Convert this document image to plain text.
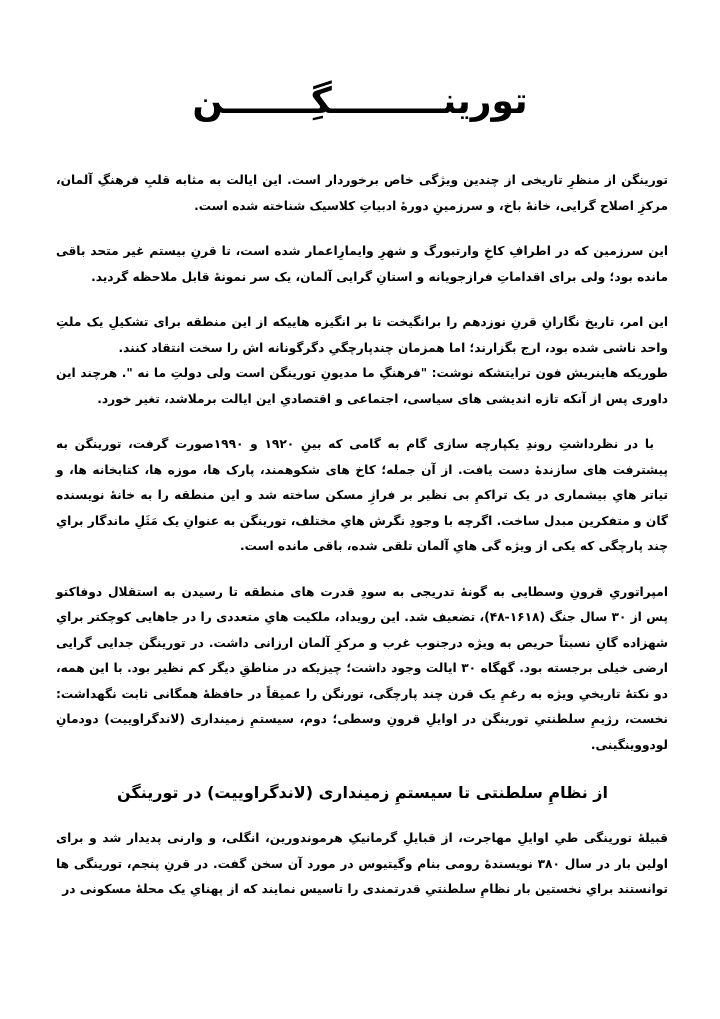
تورینـــــــــگِـــــــن

تورینگن از منظرِ تاریخی از چندین ویژگی خاص برخوردار است. این ایالت به مثابه قلبِ فرهنگِ آلمان، مرکزِ اصلاح گرایی، خانهٔ باخ، و سرزمینِ دورهٔ ادبیاتِ کلاسیک شناخته شده است.

این سرزمین که در اطرافِ کاخِ وارتبورگ و شهرِ وایمارِاعمار شده است، تا قرنِ بیستم غیر متحد باقی مانده بود؛ ولی برای اقداماتِ فرازجویانه و استانِ گرایی آلمان، یک سر نمونهٔ قابل ملاحظه گردید.

این امر، تاریخ نگارانِ قرنِ نوزدهم را برانگیخت تا بر انگیزه هاییکه از این منطقه برای تشکیلِ یک ملتِ واحد ناشی شده بود، ارج بگزارند؛ اما همزمان چندپارچگیِ دگرگونانه اش را سخت انتقاد کنند.

طوریکه هاینریش فون ترایتشکه نوشت: "فرهنگِ ما مدیونِ تورینگن است ولی دولتِ ما نه ". هرچند این داوری پس از آنکه تازه اندیشی های سیاسی، اجتماعی و اقتصادیِ این ایالت برملاشد، تغیر خورد.

با در نظرداشتِ روندِ یکپارچه سازی گام به گامی که بینِ ۱۹۲۰ و ۱۹۹۰صورت گرفت، تورینگن به پیشترفت های سازندهٔ دست یافت. از آن جمله؛ کاخ های شکوهمند، پارک ها، موزه ها، کتابخانه ها، و تیاتر هایِ بیشماری در یک تراکمِ بی نظیر بر فرازِ مسکن ساخته شد و این منطقه را به خانهٔ نویسنده گان و متفکرین مبدل ساخت. اگرچه با وجودِ نگرش هایِ مختلف، تورینگن به عنوانِ یک مَثَلِ ماندگار برایِ چند پارچگی که یکی از ویژه گی هایِ آلمان تلقی شده، باقی مانده است.

امپراتوریِ قرونِ وسطایی به گونهٔ تدریجی به سودِ قدرت های منطقه تا رسیدن به استقلال دوفاکتو پس از ۳۰ سال جنگ (۱۶۱۸-۴۸)، تضعیف شد. این رویداد، ملکیت هایِ متعددی را در جاهایی کوچکتر برایِ شهزاده گانِ نسبتاً حریص به ویژه درجنوب غرب و مرکزِ آلمان ارزانی داشت. در تورینگن جدایی گرایی ارضی خیلی برجسته بود. گهگاه ۳۰ ایالت وجود داشت؛ چیزیکه در مناطقِ دیگر کم نظیر بود. با این همه، دو نکتهٔ تاریخیِ ویژه به رغمِ یک قرن چند پارچگی، تورنگن را عمیقاً در حافظهٔ همگانی ثابت نگهداشت: نخست، رژیمِ سلطنتیِ تورینگن در اوایلِ قرونِ وسطی؛ دوم، سیستمِ زمینداری (لاندگراوییت) دودمانِ لودووینگینی.

از نظامِ سلطنتی تا سیستمِ زمینداری (لاندگراوییت) در تورینگن

قبیلهٔ تورینگی طیِ اوایلِ مهاجرت، از قبایلِ گرمانیکِ هرموندورین، انگلی، و وارنی پدیدار شد و برای اولین بار در سال ۳۸۰ نویسندهٔ رومی بنام وگیتیوس در مورد آن سخن گفت. در قرنِ پنجم، تورینگی ها توانستند برایِ نخستین بار نظامِ سلطنتیِ قدرتمندی را تاسیس نمایند که از پهنایِ یک محلهٔ مسکونی در
